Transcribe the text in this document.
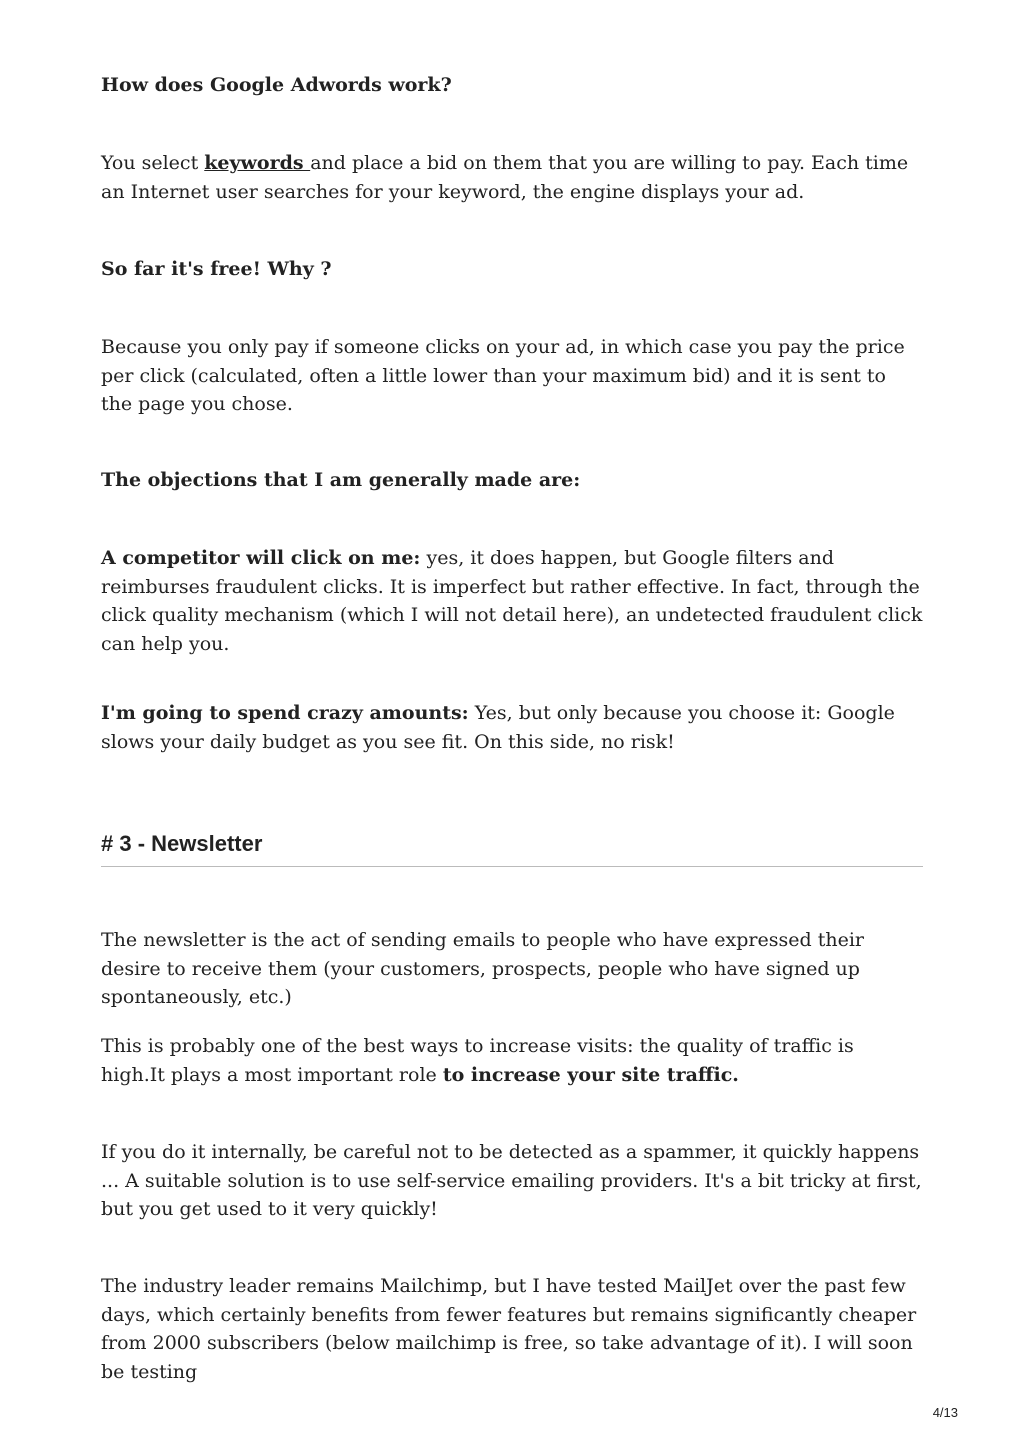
How does Google Adwords work?

You select keywords and place a bid on them that you are willing to pay. Each time an Internet user searches for your keyword, the engine displays your ad.

So far it's free! Why ?

Because you only pay if someone clicks on your ad, in which case you pay the price per click (calculated, often a little lower than your maximum bid) and it is sent to the page you chose.

The objections that I am generally made are:

A competitor will click on me: yes, it does happen, but Google filters and reimburses fraudulent clicks. It is imperfect but rather effective. In fact, through the click quality mechanism (which I will not detail here), an undetected fraudulent click can help you.

I'm going to spend crazy amounts: Yes, but only because you choose it: Google slows your daily budget as you see fit. On this side, no risk!

# 3 - Newsletter

The newsletter is the act of sending emails to people who have expressed their desire to receive them (your customers, prospects, people who have signed up spontaneously, etc.)

This is probably one of the best ways to increase visits: the quality of traffic is high.It plays a most important role to increase your site traffic.

If you do it internally, be careful not to be detected as a spammer, it quickly happens ... A suitable solution is to use self-service emailing providers. It's a bit tricky at first, but you get used to it very quickly!

The industry leader remains Mailchimp, but I have tested MailJet over the past few days, which certainly benefits from fewer features but remains significantly cheaper from 2000 subscribers (below mailchimp is free, so take advantage of it). I will soon be testing

4/13
